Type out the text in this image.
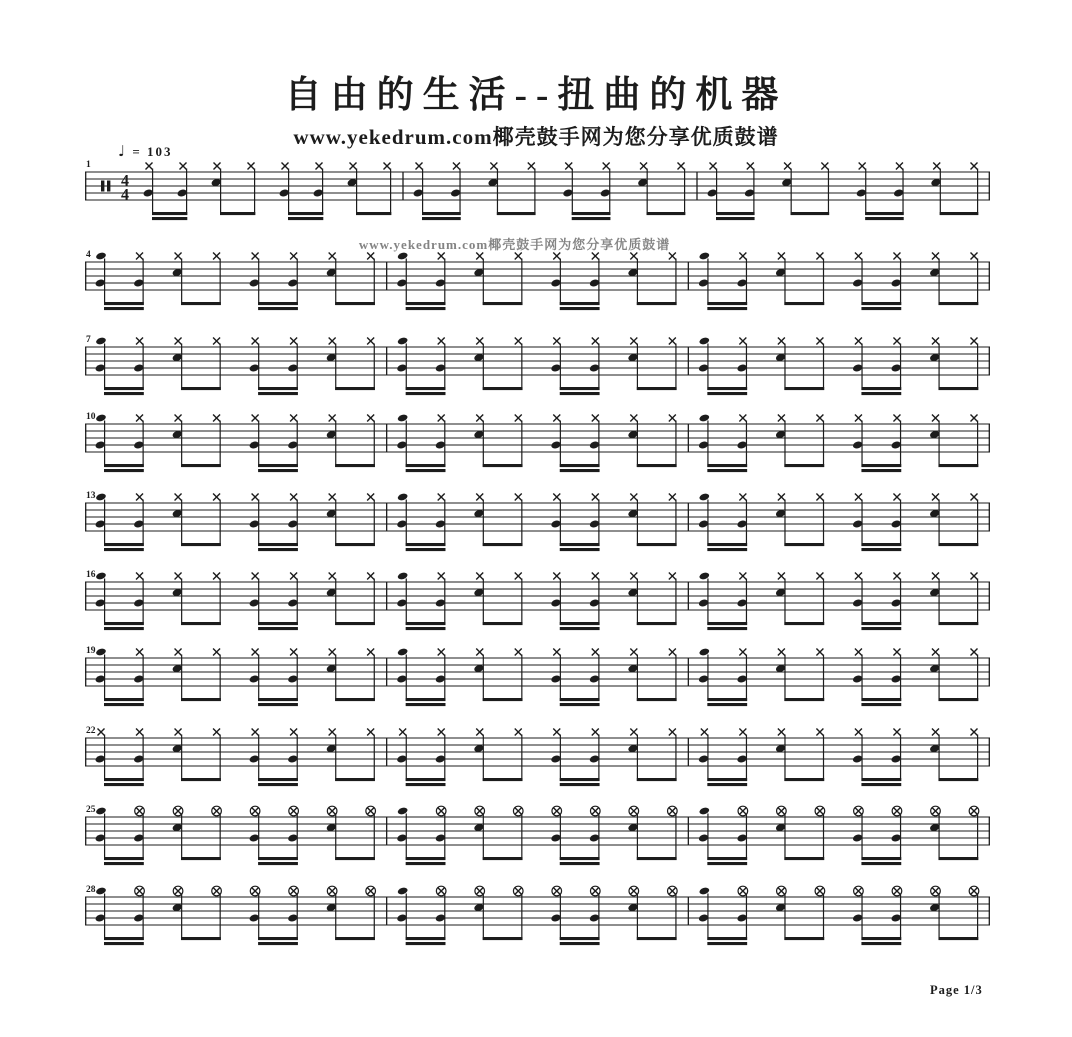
自由的生活--扭曲的机器
www.yekedrum.com椰壳鼓手网为您分享优质鼓谱
♩ = 103
www.yekedrum.com椰壳鼓手网为您分享优质鼓谱
1
4
4
4
7
10
13
16
19
22
25
28
Page 1/3
